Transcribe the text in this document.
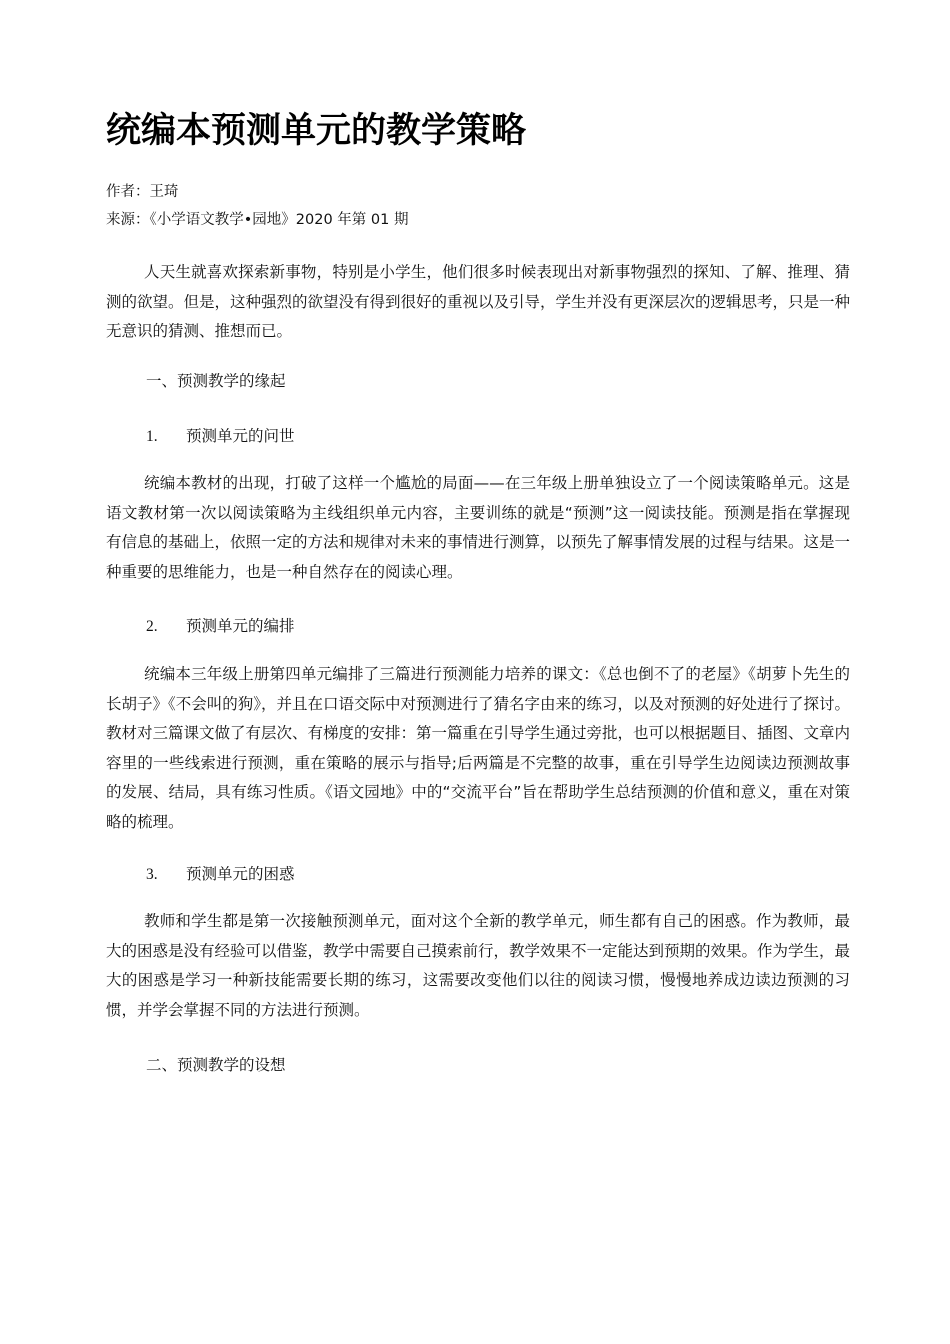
统编本预测单元的教学策略
作者：王琦
来源：《小学语文教学•园地》2020 年第 01 期

人天生就喜欢探索新事物，特别是小学生，他们很多时候表现出对新事物强烈的探知、了解、推理、猜测的欲望。但是，这种强烈的欲望没有得到很好的重视以及引导，学生并没有更深层次的逻辑思考，只是一种无意识的猜测、推想而已。

一、预测教学的缘起
1. 预测单元的问世

统编本教材的出现，打破了这样一个尴尬的局面——在三年级上册单独设立了一个阅读策略单元。这是语文教材第一次以阅读策略为主线组织单元内容，主要训练的就是“预测”这一阅读技能。预测是指在掌握现有信息的基础上，依照一定的方法和规律对未来的事情进行测算，以预先了解事情发展的过程与结果。这是一种重要的思维能力，也是一种自然存在的阅读心理。

2. 预测单元的编排

统编本三年级上册第四单元编排了三篇进行预测能力培养的课文：《总也倒不了的老屋》《胡萝卜先生的长胡子》《不会叫的狗》，并且在口语交际中对预测进行了猜名字由来的练习，以及对预测的好处进行了探讨。教材对三篇课文做了有层次、有梯度的安排：第一篇重在引导学生通过旁批，也可以根据题目、插图、文章内容里的一些线索进行预测，重在策略的展示与指导;后两篇是不完整的故事，重在引导学生边阅读边预测故事的发展、结局，具有练习性质。《语文园地》中的“交流平台”旨在帮助学生总结预测的价值和意义，重在对策略的梳理。

3. 预测单元的困惑

教师和学生都是第一次接触预测单元，面对这个全新的教学单元，师生都有自己的困惑。作为教师，最大的困惑是没有经验可以借鉴，教学中需要自己摸索前行，教学效果不一定能达到预期的效果。作为学生，最大的困惑是学习一种新技能需要长期的练习，这需要改变他们以往的阅读习惯，慢慢地养成边读边预测的习惯，并学会掌握不同的方法进行预测。

二、预测教学的设想
